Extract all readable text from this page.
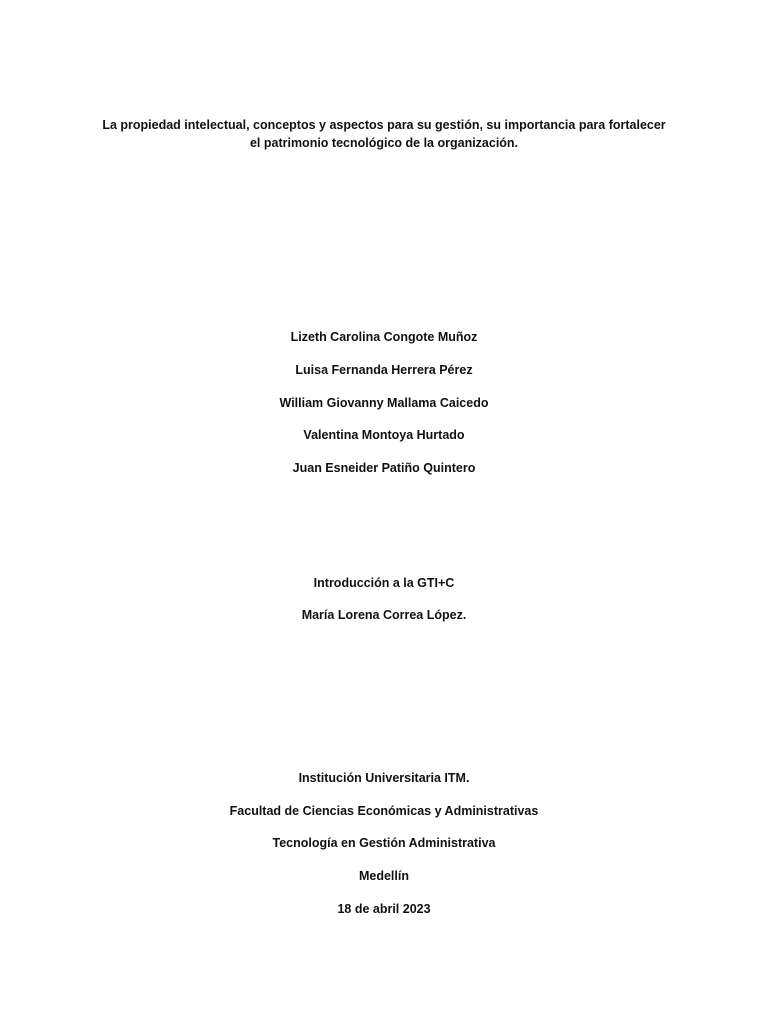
La propiedad intelectual, conceptos y aspectos para su gestión, su importancia para fortalecer
el patrimonio tecnológico de la organización.
Lizeth Carolina Congote Muñoz
Luisa Fernanda Herrera Pérez
William Giovanny Mallama Caicedo
Valentina Montoya Hurtado
Juan Esneider Patiño Quintero
Introducción a la GTI+C
María Lorena Correa López.
Institución Universitaria ITM.
Facultad de Ciencias Económicas y Administrativas
Tecnología en Gestión Administrativa
Medellín
18 de abril 2023
